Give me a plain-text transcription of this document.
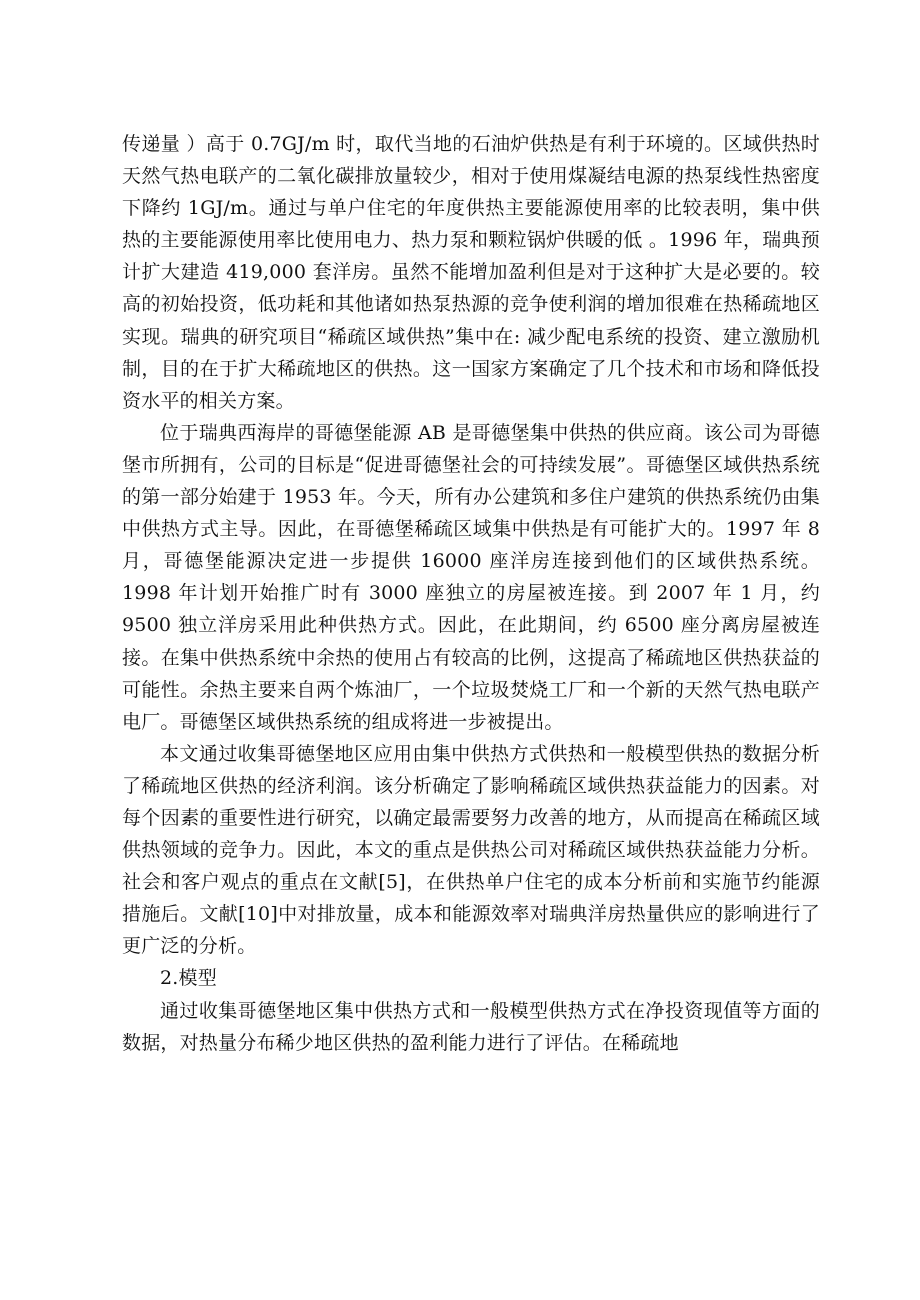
传递量 ）高于 0.7GJ/m 时，取代当地的石油炉供热是有利于环境的。区域供热时天然气热电联产的二氧化碳排放量较少，相对于使用煤凝结电源的热泵线性热密度下降约 1GJ/m。通过与单户住宅的年度供热主要能源使用率的比较表明，集中供热的主要能源使用率比使用电力、热力泵和颗粒锅炉供暖的低 。1996 年，瑞典预计扩大建造 419,000 套洋房。虽然不能增加盈利但是对于这种扩大是必要的。较高的初始投资，低功耗和其他诸如热泵热源的竞争使利润的增加很难在热稀疏地区实现。瑞典的研究项目“稀疏区域供热”集中在: 减少配电系统的投资、建立激励机制，目的在于扩大稀疏地区的供热。这一国家方案确定了几个技术和市场和降低投资水平的相关方案。

位于瑞典西海岸的哥德堡能源 AB 是哥德堡集中供热的供应商。该公司为哥德堡市所拥有，公司的目标是“促进哥德堡社会的可持续发展”。哥德堡区域供热系统的第一部分始建于 1953 年。今天，所有办公建筑和多住户建筑的供热系统仍由集中供热方式主导。因此，在哥德堡稀疏区域集中供热是有可能扩大的。1997 年 8 月，哥德堡能源决定进一步提供 16000 座洋房连接到他们的区域供热系统。1998 年计划开始推广时有 3000 座独立的房屋被连接。到 2007 年 1 月，约 9500 独立洋房采用此种供热方式。因此，在此期间，约 6500 座分离房屋被连接。在集中供热系统中余热的使用占有较高的比例，这提高了稀疏地区供热获益的可能性。余热主要来自两个炼油厂，一个垃圾焚烧工厂和一个新的天然气热电联产电厂。哥德堡区域供热系统的组成将进一步被提出。

本文通过收集哥德堡地区应用由集中供热方式供热和一般模型供热的数据分析了稀疏地区供热的经济利润。该分析确定了影响稀疏区域供热获益能力的因素。对每个因素的重要性进行研究，以确定最需要努力改善的地方，从而提高在稀疏区域供热领域的竞争力。因此，本文的重点是供热公司对稀疏区域供热获益能力分析。社会和客户观点的重点在文献[5]，在供热单户住宅的成本分析前和实施节约能源措施后。文献[10]中对排放量，成本和能源效率对瑞典洋房热量供应的影响进行了更广泛的分析。

2.模型

通过收集哥德堡地区集中供热方式和一般模型供热方式在净投资现值等方面的数据，对热量分布稀少地区供热的盈利能力进行了评估。在稀疏地
